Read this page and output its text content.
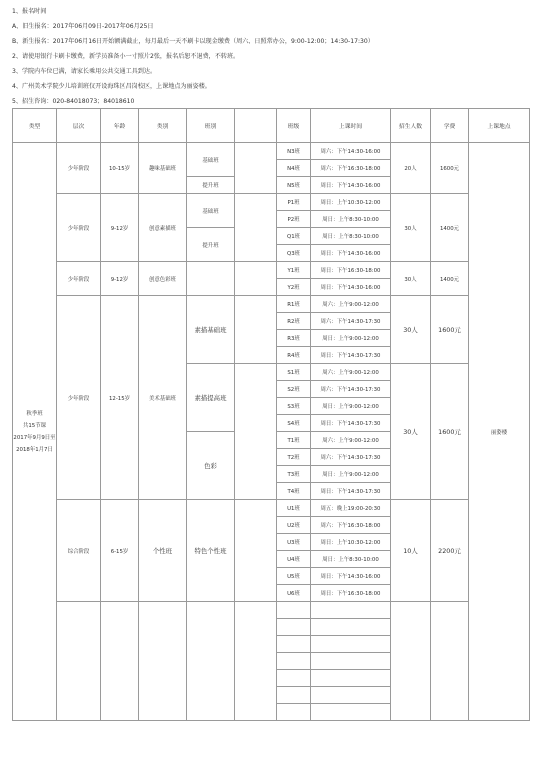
1、报名时间
A、旧生报名：2017年06月09日-2017年06月25日
B、新生报名：2017年06月16日开始额满截止，每月最后一天不刷卡以现金缴费（周六、日照常办公，9:00-12:00；14:30-17:30）
2、请使用银行卡刷卡缴费，新学员准备小一寸照片2张，报名后恕不退费，不转班。
3、学院内车位已满，请家长乘用公共交通工具到达。
4、广州美术学院少儿培训班仅开设海珠区昌岗校区，上课地点为丽姿楼。
5、招生咨询：020-84018073；84018610
类型	层次	年龄	类别	班别		班级	上课时间	招生人数	学费	上课地点

秋季班
共15节课
2017年9月9日至
2018年1月7日	少年阶段	10-15岁	趣味基础班	基础班		N3班	周六：下午14:30-16:00	20人	1600元	丽姿楼
						N4班	周六：下午16:30-18:00			
				提升班		N5班	周日：下午14:30-16:00			
	少年阶段	9-12岁	创意素描班	基础班		P1班	周日：上午10:30-12:00	30人	1400元	
						P2班	周日：上午8:30-10:00			
				提升班		Q1班	周日：上午8:30-10:00			
						Q3班	周日：下午14:30-16:00			
	少年阶段	9-12岁	创意色彩班			Y1班	周日：下午16:30-18:00	30人	1400元	
						Y2班	周日：下午14:30-16:00			
	少年阶段	12-15岁	美术基础班	素描基础班		R1班	周六：上午9:00-12:00	30人	1600元	
						R2班	周六：下午14:30-17:30			
						R3班	周日：上午9:00-12:00			
						R4班	周日：下午14:30-17:30			
				素描提高班		S1班	周六：上午9:00-12:00	30人	1600元	
						S2班	周六：下午14:30-17:30			
						S3班	周日：上午9:00-12:00			
						S4班	周日：下午14:30-17:30			
				色彩		T1班	周六：上午9:00-12:00			
						T2班	周六：下午14:30-17:30			
						T3班	周日：上午9:00-12:00			
						T4班	周日：下午14:30-17:30			
	综合阶段	6-15岁	个性班	特色个性班		U1班	周五：晚上19:00-20:30	10人	2200元	
						U2班	周六：下午16:30-18:00			
						U3班	周日：上午10:30-12:00			
						U4班	周日：上午8:30-10:00			
						U5班	周日：下午14:30-16:00			
						U6班	周日：下午16:30-18:00			
